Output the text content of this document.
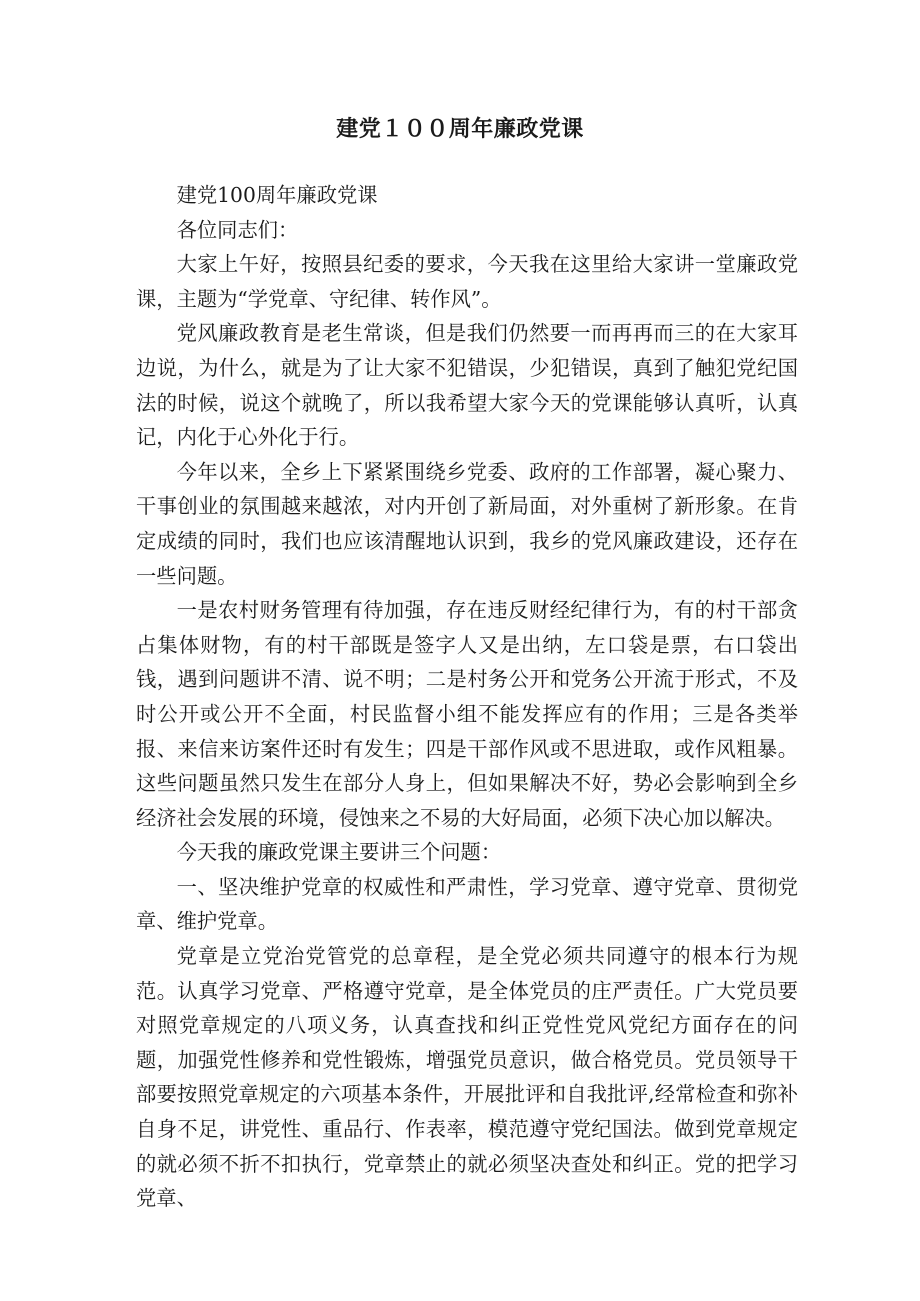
建党１００周年廉政党课

建党100周年廉政党课

各位同志们：

大家上午好，按照县纪委的要求，今天我在这里给大家讲一堂廉政党课，主题为“学党章、守纪律、转作风”。

党风廉政教育是老生常谈，但是我们仍然要一而再再而三的在大家耳边说，为什么，就是为了让大家不犯错误，少犯错误，真到了触犯党纪国法的时候，说这个就晚了，所以我希望大家今天的党课能够认真听，认真记，内化于心外化于行。

今年以来，全乡上下紧紧围绕乡党委、政府的工作部署，凝心聚力、干事创业的氛围越来越浓，对内开创了新局面，对外重树了新形象。在肯定成绩的同时，我们也应该清醒地认识到，我乡的党风廉政建设，还存在一些问题。

一是农村财务管理有待加强，存在违反财经纪律行为，有的村干部贪占集体财物，有的村干部既是签字人又是出纳，左口袋是票，右口袋出钱，遇到问题讲不清、说不明；二是村务公开和党务公开流于形式，不及时公开或公开不全面，村民监督小组不能发挥应有的作用；三是各类举报、来信来访案件还时有发生；四是干部作风或不思进取，或作风粗暴。这些问题虽然只发生在部分人身上，但如果解决不好，势必会影响到全乡经济社会发展的环境，侵蚀来之不易的大好局面，必须下决心加以解决。

今天我的廉政党课主要讲三个问题：

一、坚决维护党章的权威性和严肃性，学习党章、遵守党章、贯彻党章、维护党章。

党章是立党治党管党的总章程，是全党必须共同遵守的根本行为规范。认真学习党章、严格遵守党章，是全体党员的庄严责任。广大党员要对照党章规定的八项义务，认真查找和纠正党性党风党纪方面存在的问题，加强党性修养和党性锻炼，增强党员意识，做合格党员。党员领导干部要按照党章规定的六项基本条件，开展批评和自我批评,经常检查和弥补自身不足，讲党性、重品行、作表率，模范遵守党纪国法。做到党章规定的就必须不折不扣执行，党章禁止的就必须坚决查处和纠正。党的把学习党章、
